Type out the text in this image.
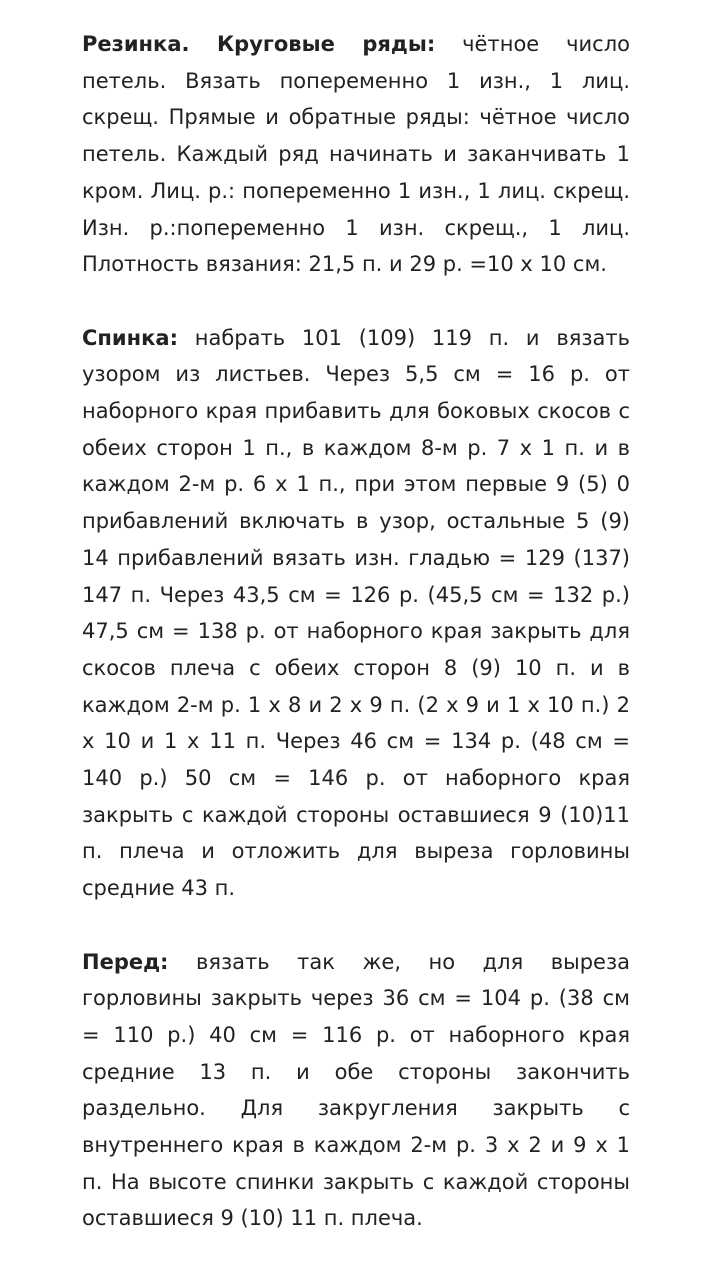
Резинка. Круговые ряды: чётное число петель. Вязать попеременно 1 изн., 1 лиц. скрещ. Прямые и обратные ряды: чётное число петель. Каждый ряд начинать и заканчивать 1 кром. Лиц. р.: попеременно 1 изн., 1 лиц. скрещ. Изн. р.:попеременно 1 изн. скрещ., 1 лиц. Плотность вязания: 21,5 п. и 29 р. =10 х 10 см.

Спинка: набрать 101 (109) 119 п. и вязать узором из листьев. Через 5,5 см = 16 р. от наборного края прибавить для боковых скосов с обеих сторон 1 п., в каждом 8-м р. 7 х 1 п. и в каждом 2-м р. 6 х 1 п., при этом первые 9 (5) 0 прибавлений включать в узор, остальные 5 (9) 14 прибавлений вязать изн. гладью = 129 (137) 147 п. Через 43,5 см = 126 р. (45,5 см = 132 р.) 47,5 см = 138 р. от наборного края закрыть для скосов плеча с обеих сторон 8 (9) 10 п. и в каждом 2-м р. 1 х 8 и 2 х 9 п. (2 х 9 и 1 х 10 п.) 2 х 10 и 1 х 11 п. Через 46 см = 134 р. (48 см = 140 р.) 50 см = 146 р. от наборного края закрыть с каждой стороны оставшиеся 9 (10)11 п. плеча и отложить для выреза горловины средние 43 п.

Перед: вязать так же, но для выреза горловины закрыть через 36 см = 104 р. (38 см = 110 р.) 40 см = 116 р. от наборного края средние 13 п. и обе стороны закончить раздельно. Для закругления закрыть с внутреннего края в каждом 2-м р. 3 х 2 и 9 х 1 п. На высоте спинки закрыть с каждой стороны оставшиеся 9 (10) 11 п. плеча.
